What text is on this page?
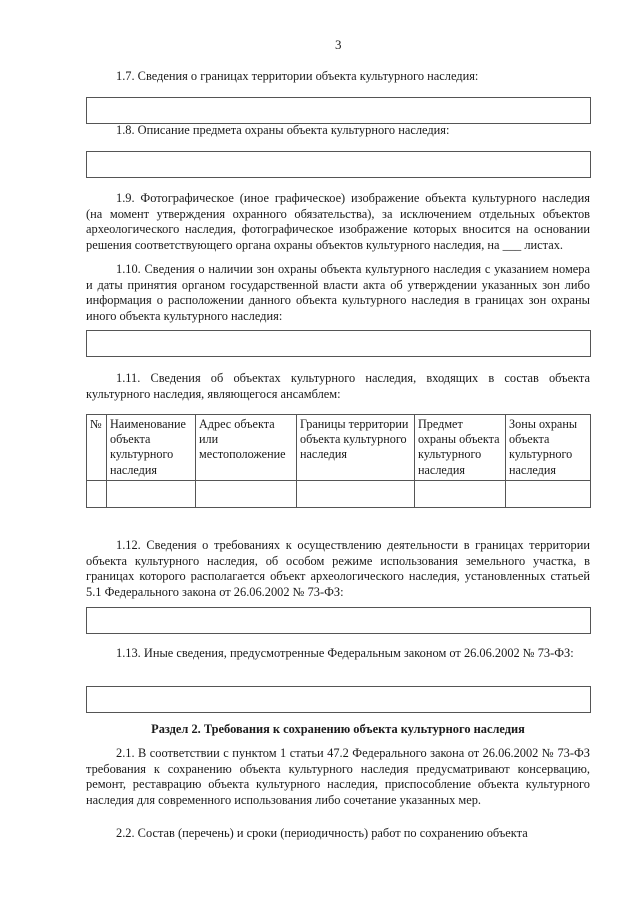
3

1.7. Сведения о границах территории объекта культурного наследия:

1.8. Описание предмета охраны объекта культурного наследия:

1.9. Фотографическое (иное графическое) изображение объекта культурного наследия (на момент утверждения охранного обязательства), за исключением отдельных объектов археологического наследия, фотографическое изображение которых вносится на основании решения соответствующего органа охраны объектов культурного наследия, на ___ листах.

1.10. Сведения о наличии зон охраны объекта культурного наследия с указанием номера и даты принятия органом государственной власти акта об утверждении указанных зон либо информация о расположении данного объекта культурного наследия в границах зон охраны иного объекта культурного наследия:

1.11. Сведения об объектах культурного наследия, входящих в состав объекта культурного наследия, являющегося ансамблем:

№	Наименование объекта культурного наследия	Адрес объекта или местоположение	Границы территории объекта культурного наследия	Предмет охраны объекта культурного наследия	Зоны охраны объекта культурного наследия

1.12. Сведения о требованиях к осуществлению деятельности в границах территории объекта культурного наследия, об особом режиме использования земельного участка, в границах которого располагается объект археологического наследия, установленных статьей 5.1 Федерального закона от 26.06.2002 № 73-ФЗ:

1.13. Иные сведения, предусмотренные Федеральным законом от 26.06.2002 № 73-ФЗ:

Раздел 2. Требования к сохранению объекта культурного наследия

2.1. В соответствии с пунктом 1 статьи 47.2 Федерального закона от 26.06.2002 № 73-ФЗ требования к сохранению объекта культурного наследия предусматривают консервацию, ремонт, реставрацию объекта культурного наследия, приспособление объекта культурного наследия для современного использования либо сочетание указанных мер.

2.2. Состав (перечень) и сроки (периодичность) работ по сохранению объекта
